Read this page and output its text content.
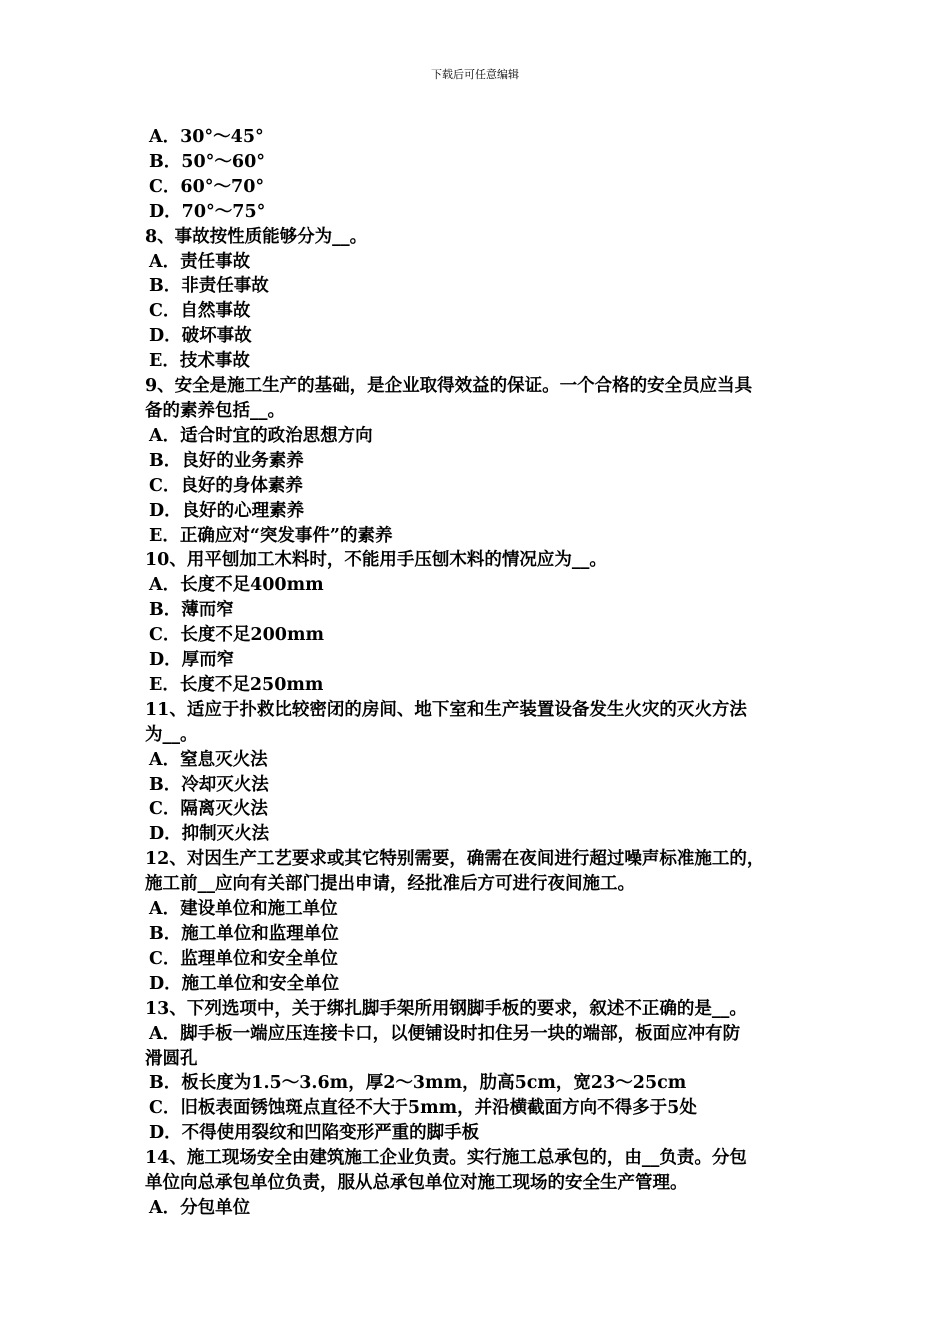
下载后可任意编辑
A．30°～45°
B．50°～60°
C．60°～70°
D．70°～75°
8、事故按性质能够分为__。
A．责任事故
B．非责任事故
C．自然事故
D．破坏事故
E．技术事故
9、安全是施工生产的基础，是企业取得效益的保证。一个合格的安全员应当具
备的素养包括__。
A．适合时宜的政治思想方向
B．良好的业务素养
C．良好的身体素养
D．良好的心理素养
E．正确应对“突发事件”的素养
10、用平刨加工木料时，不能用手压刨木料的情况应为__。
A．长度不足400mm
B．薄而窄
C．长度不足200mm
D．厚而窄
E．长度不足250mm
11、适应于扑救比较密闭的房间、地下室和生产装置设备发生火灾的灭火方法
为__。
A．窒息灭火法
B．冷却灭火法
C．隔离灭火法
D．抑制灭火法
12、对因生产工艺要求或其它特别需要，确需在夜间进行超过噪声标准施工的，
施工前__应向有关部门提出申请，经批准后方可进行夜间施工。
A．建设单位和施工单位
B．施工单位和监理单位
C．监理单位和安全单位
D．施工单位和安全单位
13、下列选项中，关于绑扎脚手架所用钢脚手板的要求，叙述不正确的是__。
A．脚手板一端应压连接卡口，以便铺设时扣住另一块的端部，板面应冲有防
滑圆孔
B．板长度为1.5～3.6m，厚2～3mm，肋高5cm，宽23～25cm
C．旧板表面锈蚀斑点直径不大于5mm，并沿横截面方向不得多于5处
D．不得使用裂纹和凹陷变形严重的脚手板
14、施工现场安全由建筑施工企业负责。实行施工总承包的，由__负责。分包
单位向总承包单位负责，服从总承包单位对施工现场的安全生产管理。
A．分包单位
